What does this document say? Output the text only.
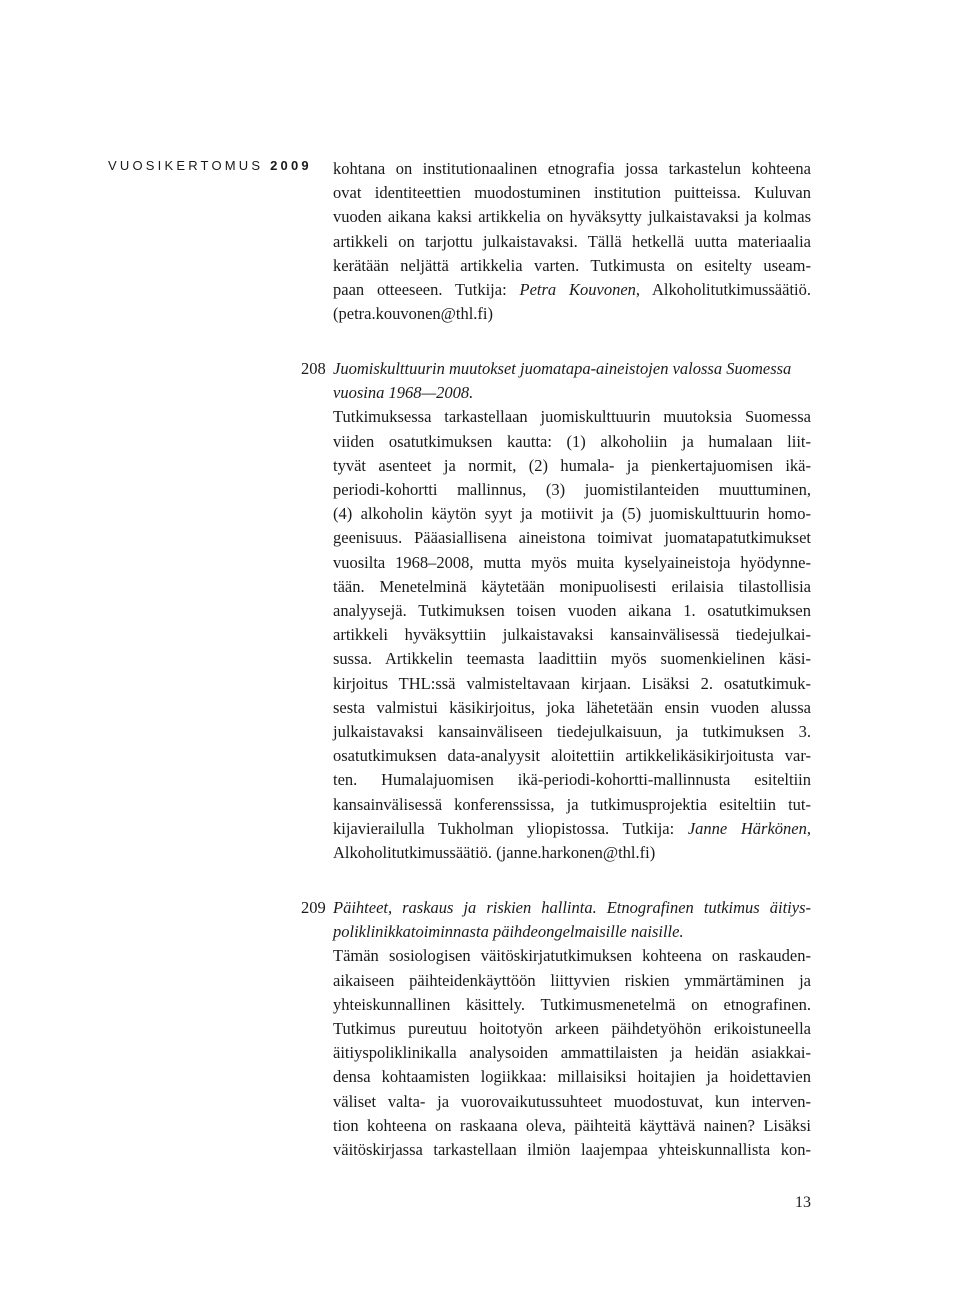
VUOSIKERTOMUS 2009 kohtana on institutionaalinen etnografia jossa tarkastelun kohteena
ovat identiteettien muodostuminen institution puitteissa. Kuluvan
vuoden aikana kaksi artikkelia on hyväksytty julkaistavaksi ja kolmas
artikkeli on tarjottu julkaistavaksi. Tällä hetkellä uutta materiaalia
kerätään neljättä artikkelia varten. Tutkimusta on esitelty useam-
paan otteeseen. Tutkija: Petra Kouvonen, Alkoholitutkimussäätiö.
(petra.kouvonen@thl.fi)
208 Juomiskulttuurin muutokset juomatapa-aineistojen valossa Suomessa
vuosina 1968—2008.
Tutkimuksessa tarkastellaan juomiskulttuurin muutoksia Suomessa
viiden osatutkimuksen kautta: (1) alkoholiin ja humalaan liit-
tyvät asenteet ja normit, (2) humala- ja pienkertajuomisen ikä-
periodi-kohortti mallinnus, (3) juomistilanteiden muuttuminen,
(4) alkoholin käytön syyt ja motiivit ja (5) juomiskulttuurin homo-
geenisuus. Pääasiallisena aineistona toimivat juomatapatutkimukset
vuosilta 1968–2008, mutta myös muita kyselyaineistoja hyödynne-
tään. Menetelminä käytetään monipuolisesti erilaisia tilastollisia
analyysejä. Tutkimuksen toisen vuoden aikana 1. osatutkimuksen
artikkeli hyväksyttiin julkaistavaksi kansainvälisessä tiedejulkai-
sussa. Artikkelin teemasta laadittiin myös suomenkielinen käsi-
kirjoitus THL:ssä valmisteltavaan kirjaan. Lisäksi 2. osatutkimuk-
sesta valmistui käsikirjoitus, joka lähetetään ensin vuoden alussa
julkaistavaksi kansainväliseen tiedejulkaisuun, ja tutkimuksen 3.
osatutkimuksen data-analyysit aloitettiin artikkelikäsikirjoitusta var-
ten. Humalajuomisen ikä-periodi-kohortti-mallinnusta esiteltiin
kansainvälisessä konferenssissa, ja tutkimusprojektia esiteltiin tut-
kijavierailulla Tukholman yliopistossa. Tutkija: Janne Härkönen,
Alkoholitutkimussäätiö. (janne.harkonen@thl.fi)
209 Päihteet, raskaus ja riskien hallinta. Etnografinen tutkimus äitiys-
poliklinikkatoiminnasta päihdeongelmaisille naisille.
Tämän sosiologisen väitöskirjatutkimuksen kohteena on raskauden-
aikaiseen päihteidenkäyttöön liittyvien riskien ymmärtäminen ja
yhteiskunnallinen käsittely. Tutkimusmenetelmä on etnografinen.
Tutkimus pureutuu hoitotyön arkeen päihdetyöhön erikoistuneella
äitiyspoliklinikalla analysoiden ammattilaisten ja heidän asiakkai-
densa kohtaamisten logiikkaa: millaisiksi hoitajien ja hoidettavien
väliset valta- ja vuorovaikutussuhteet muodostuvat, kun interven-
tion kohteena on raskaana oleva, päihteitä käyttävä nainen? Lisäksi
väitöskirjassa tarkastellaan ilmiön laajempaa yhteiskunnallista kon-
13
